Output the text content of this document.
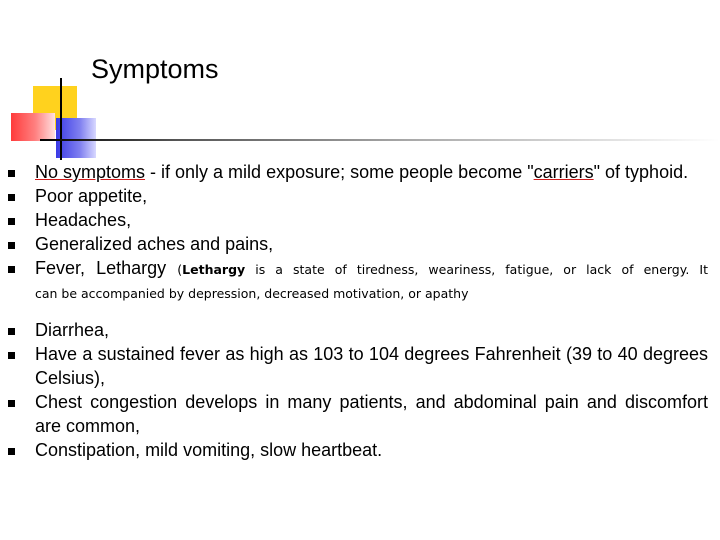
Symptoms
No symptoms - if only a mild exposure; some people become "carriers" of typhoid.
Poor appetite,
Headaches,
Generalized aches and pains,
Fever, Lethargy (Lethargy is a state of tiredness, weariness, fatigue, or lack of energy. It
can be accompanied by depression, decreased motivation, or apathy
Diarrhea,
Have a sustained fever as high as 103 to 104 degrees Fahrenheit (39 to 40 degrees Celsius),
Chest congestion develops in many patients, and abdominal pain and discomfort are common,
Constipation, mild vomiting, slow heartbeat.
